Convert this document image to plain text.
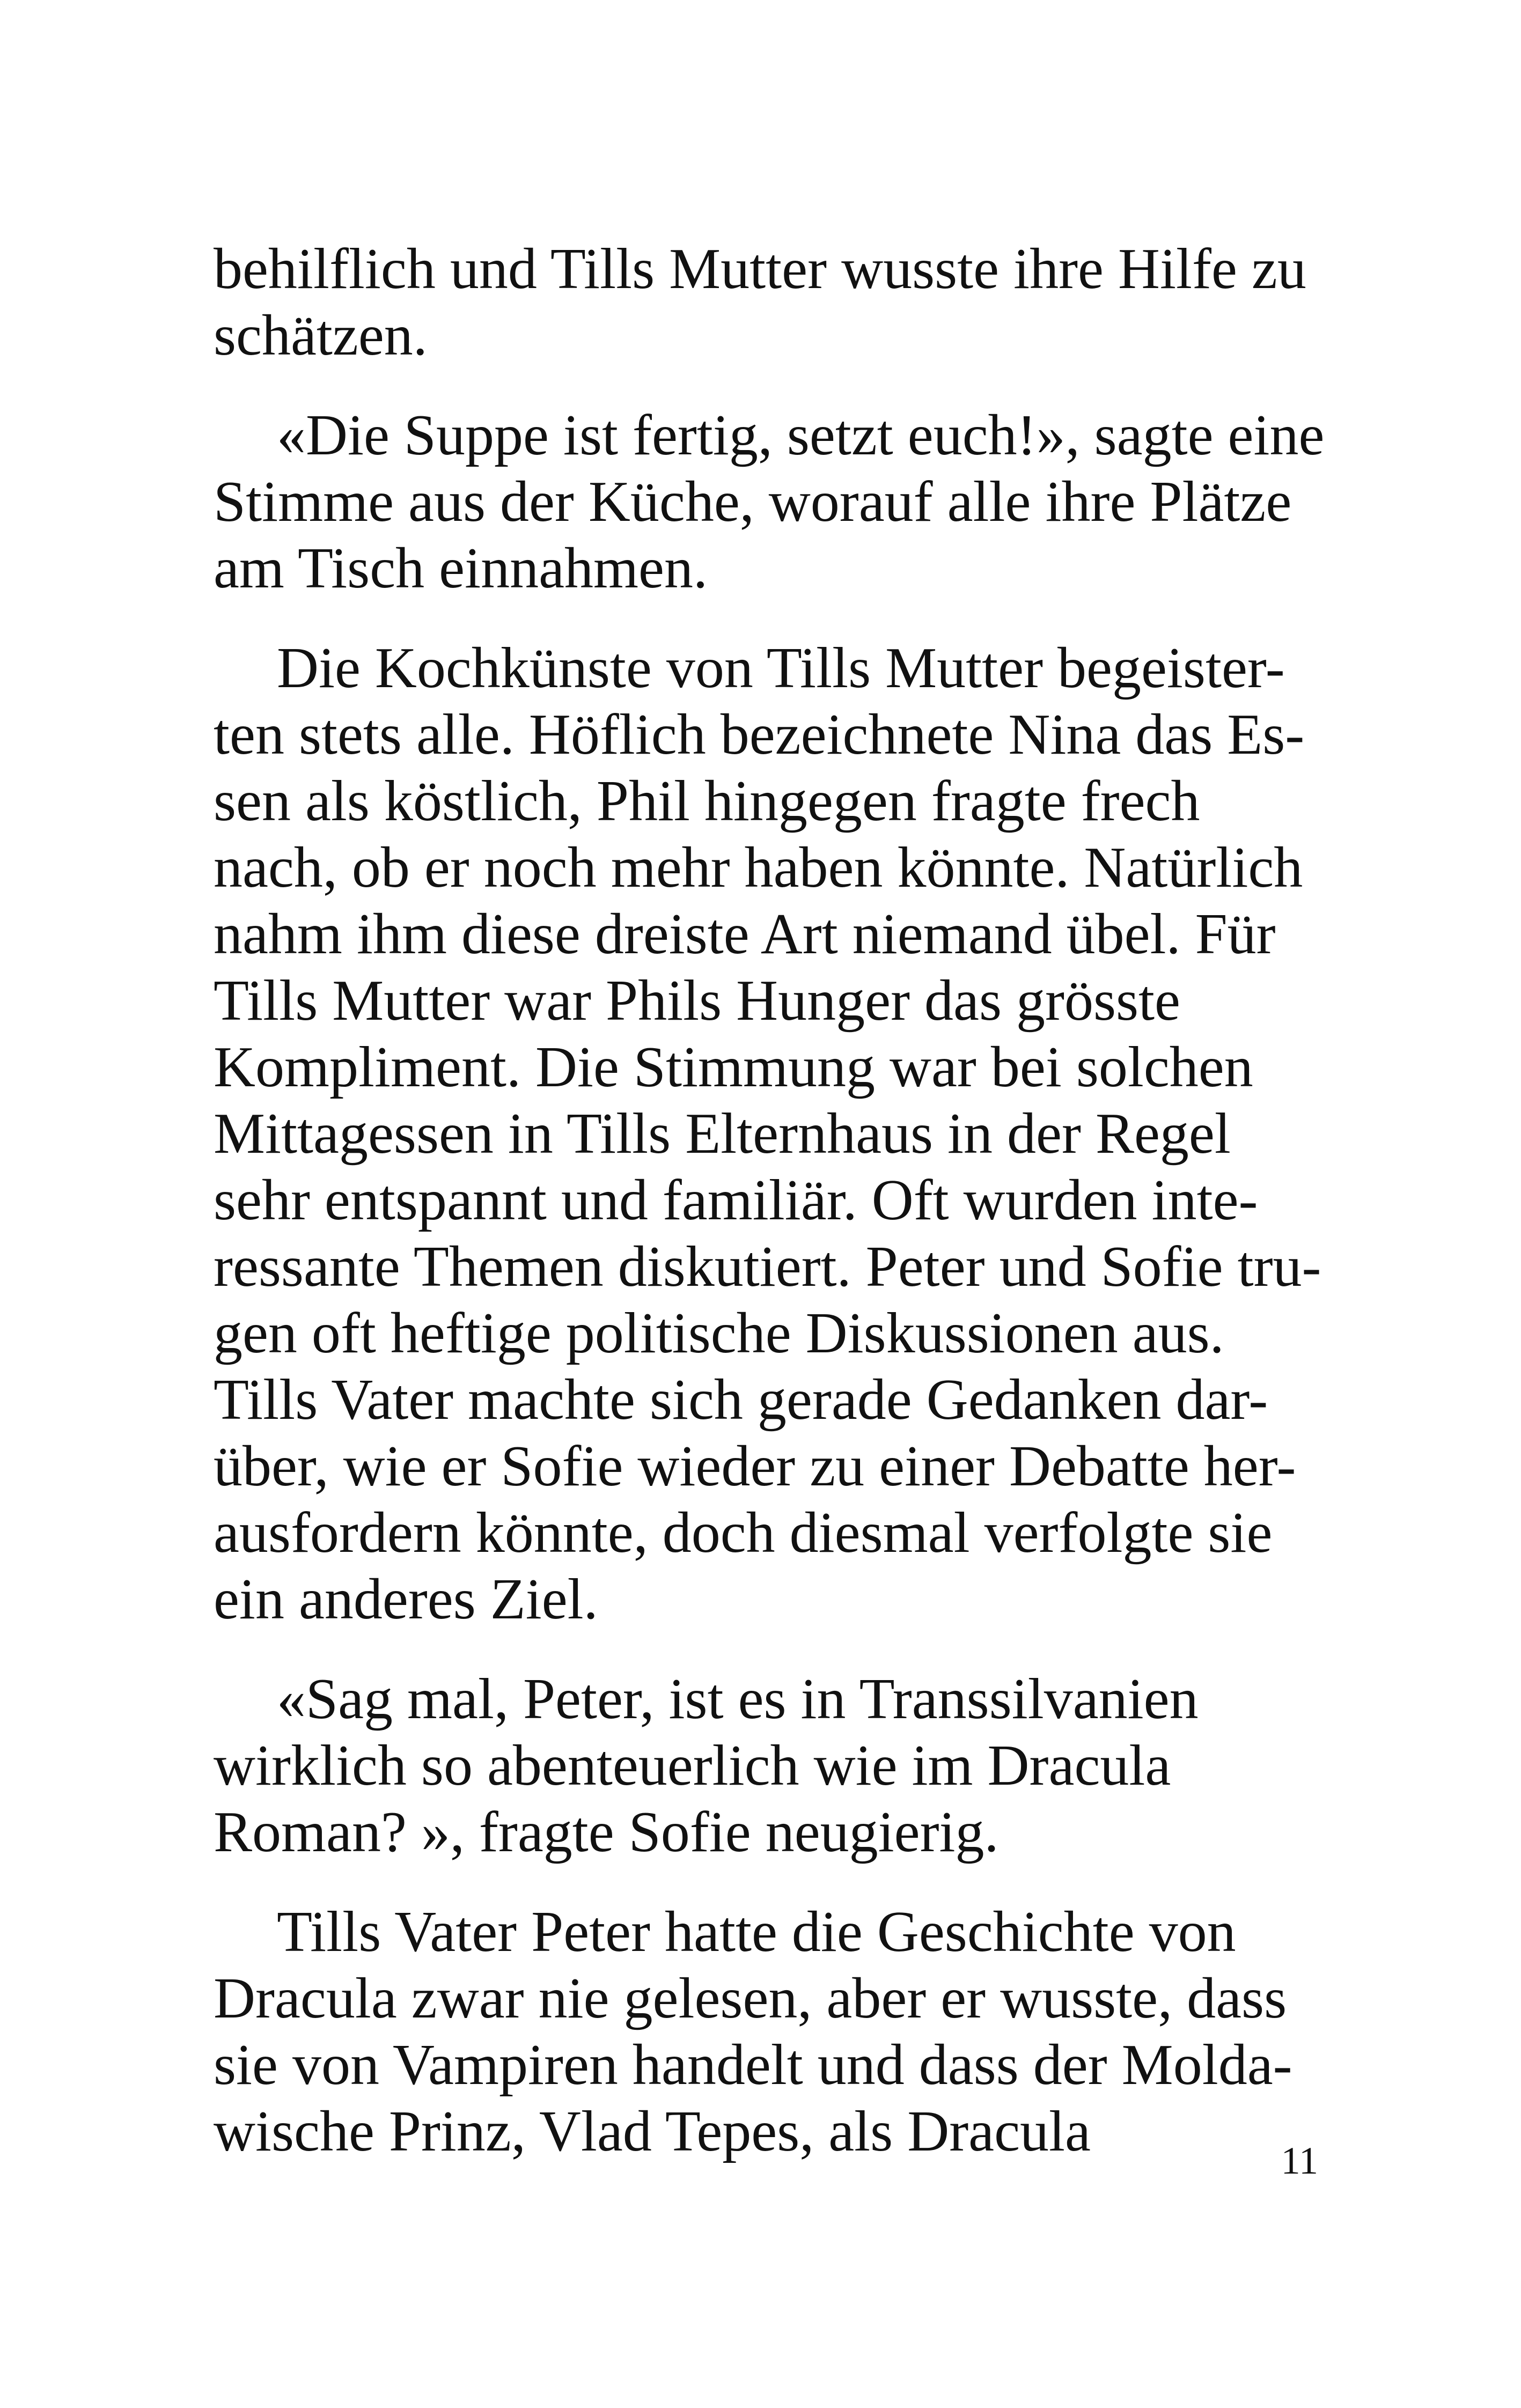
behilflich und Tills Mutter wusste ihre Hilfe zu
schätzen.
«Die Suppe ist fertig, setzt euch!», sagte eine
Stimme aus der Küche, worauf alle ihre Plätze
am Tisch einnahmen.
Die Kochkünste von Tills Mutter begeister-
ten stets alle. Höflich bezeichnete Nina das Es-
sen als köstlich, Phil hingegen fragte frech
nach, ob er noch mehr haben könnte. Natürlich
nahm ihm diese dreiste Art niemand übel. Für
Tills Mutter war Phils Hunger das grösste
Kompliment. Die Stimmung war bei solchen
Mittagessen in Tills Elternhaus in der Regel
sehr entspannt und familiär. Oft wurden inte-
ressante Themen diskutiert. Peter und Sofie tru-
gen oft heftige politische Diskussionen aus.
Tills Vater machte sich gerade Gedanken dar-
über, wie er Sofie wieder zu einer Debatte her-
ausfordern könnte, doch diesmal verfolgte sie
ein anderes Ziel.
«Sag mal, Peter, ist es in Transsilvanien
wirklich so abenteuerlich wie im Dracula
Roman? », fragte Sofie neugierig.
Tills Vater Peter hatte die Geschichte von
Dracula zwar nie gelesen, aber er wusste, dass
sie von Vampiren handelt und dass der Molda-
wische Prinz, Vlad Tepes, als Dracula	11
